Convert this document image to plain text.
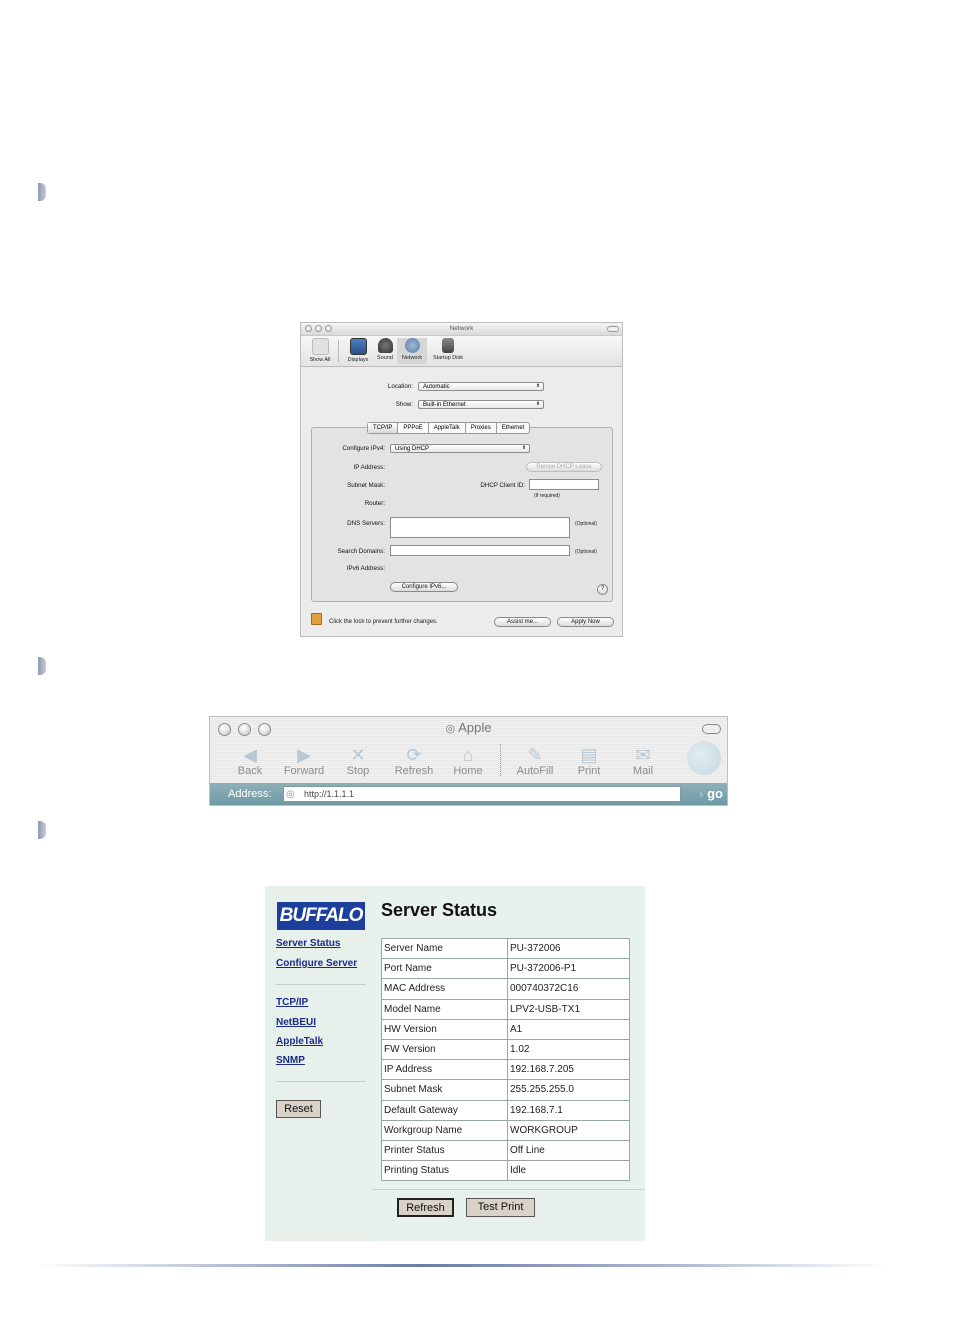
Network
Show All	Displays	Sound	Network	Startup Disk
Location:	Automatic	⬍
Show:	Built-in Ethernet	⬍
TCP/IP	PPPoE	AppleTalk	Proxies	Ethernet
Configure IPv4:	Using DHCP	⬍
IP Address:	Renew DHCP Lease
Subnet Mask:	DHCP Client ID:
(If required)
Router:
DNS Servers:	(Optional)
Search Domains:	(Optional)
IPv6 Address:
Configure IPv6...	?
Click the lock to prevent further changes.	Assist me...	Apply Now
◎ Apple
◀
Back
▶
Forward
✕
Stop
⟳
Refresh
⌂
Home
✎
AutoFill
▤
Print
✉
Mail
Address:	http://1.1.1.1
◎	› go
BUFFALO
Server Status
Configure Server
TCP/IP
NetBEUI
AppleTalk
SNMP
Reset
Server Status
Server Name	PU-372006
Port Name	PU-372006-P1
MAC Address	000740372C16
Model Name	LPV2-USB-TX1
HW Version	A1
FW Version	1.02
IP Address	192.168.7.205
Subnet Mask	255.255.255.0
Default Gateway	192.168.7.1
Workgroup Name	WORKGROUP
Printer Status	Off Line
Printing Status	Idle
Refresh	Test Print
